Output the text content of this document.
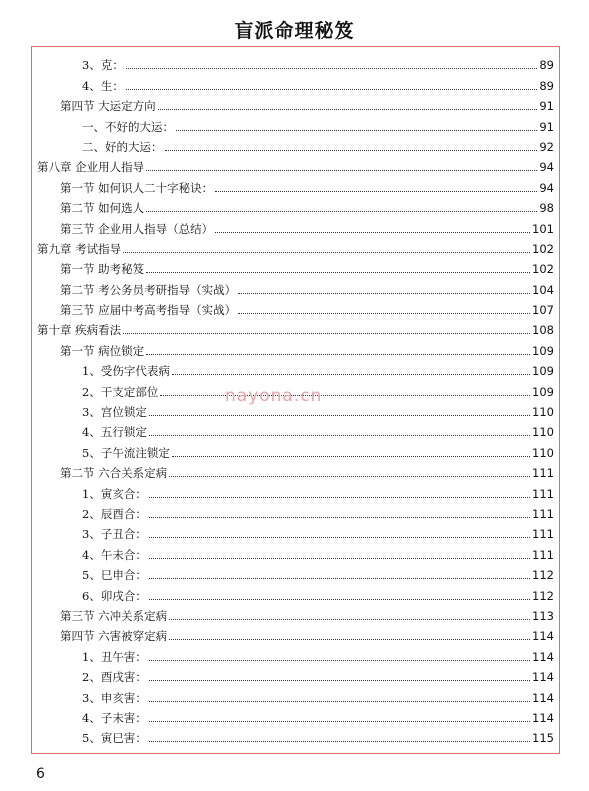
盲派命理秘笈
3、克：	89
4、生：	89
第四节 大运定方向	91
一、不好的大运：	91
二、好的大运：	92
第八章 企业用人指导	94
第一节 如何识人二十字秘诀：	94
第二节 如何选人	98
第三节 企业用人指导（总结）	101
第九章 考试指导	102
第一节 助考秘笈	102
第二节 考公务员考研指导（实战）	104
第三节 应届中考高考指导（实战）	107
第十章 疾病看法	108
第一节 病位锁定	109
1、受伤字代表病	109
2、干支定部位	109
3、宫位锁定	110
4、五行锁定	110
5、子午流注锁定	110
第二节 六合关系定病	111
1、寅亥合：	111
2、辰酉合：	111
3、子丑合：	111
4、午未合：	111
5、巳申合：	112
6、卯戌合：	112
第三节 六冲关系定病	113
第四节 六害被穿定病	114
1、丑午害：	114
2、酉戌害：	114
3、申亥害：	114
4、子未害：	114
5、寅巳害：	115
nayona.cn
6
